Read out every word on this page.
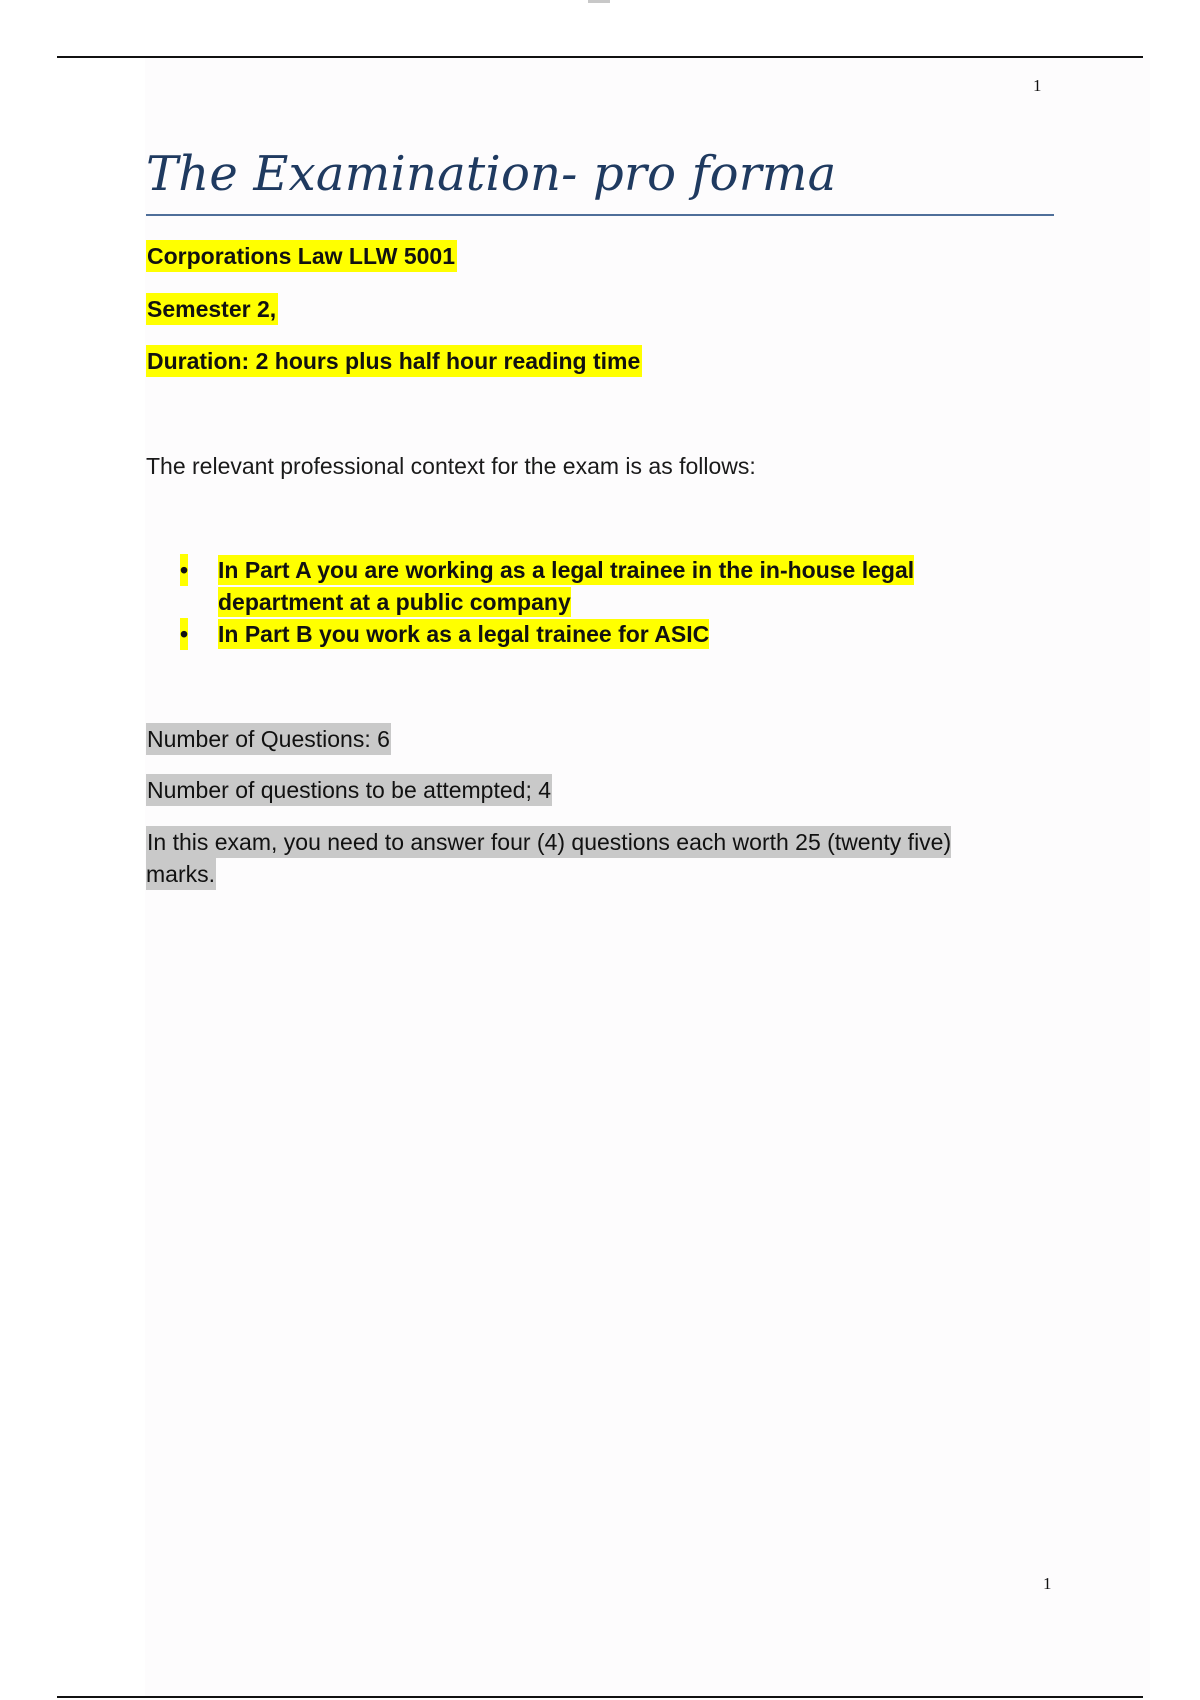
1
The Examination- pro forma
Corporations Law LLW 5001
Semester 2,
Duration: 2 hours plus half hour reading time
The relevant professional context for the exam is as follows:
• In Part A you are working as a legal trainee in the in-house legal department at a public company
• In Part B you work as a legal trainee for ASIC
Number of Questions: 6
Number of questions to be attempted; 4
In this exam, you need to answer four (4) questions each worth 25 (twenty five) marks.
1
